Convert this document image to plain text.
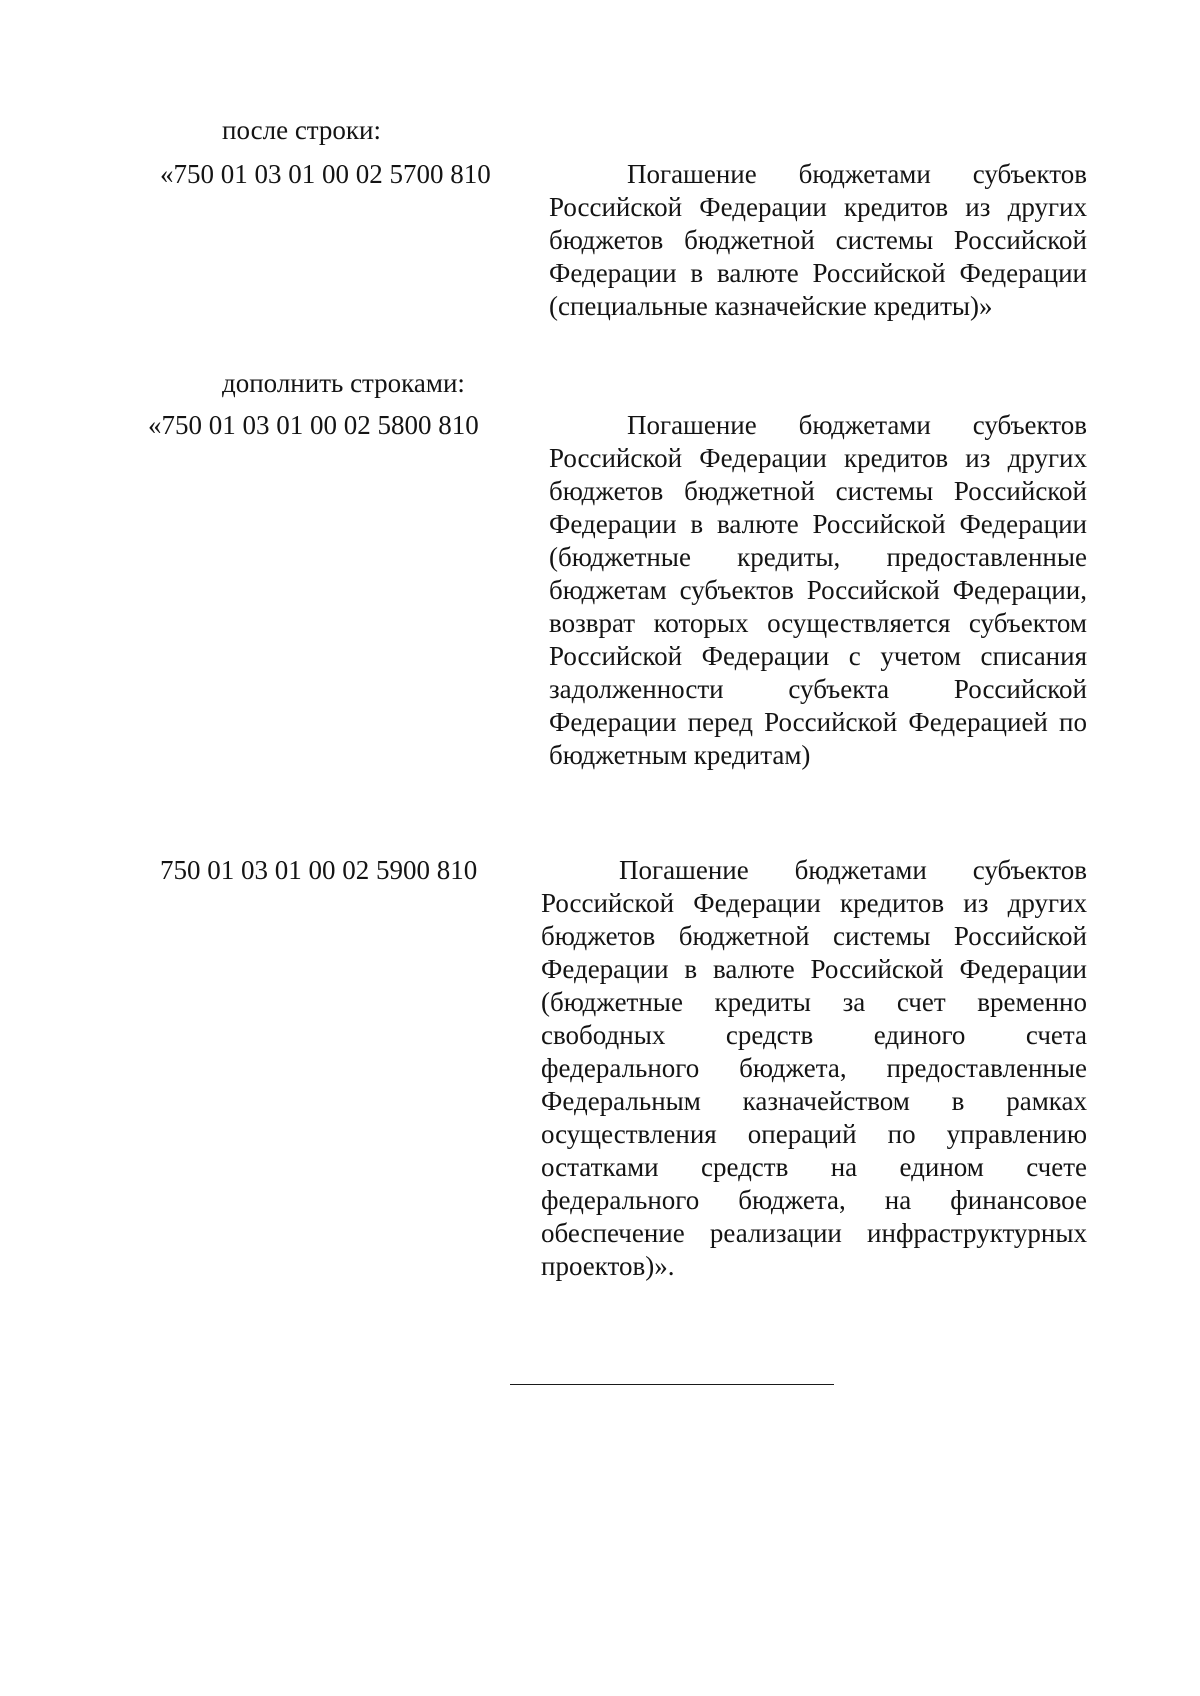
после строки:
«750 01 03 01 00 02 5700 810	Погашение бюджетами субъектов Российской Федерации кредитов из других бюджетов бюджетной системы Российской Федерации в валюте Российской Федерации (специальные казначейские кредиты)»

дополнить строками:
«750 01 03 01 00 02 5800 810	Погашение бюджетами субъектов Российской Федерации кредитов из других бюджетов бюджетной системы Российской Федерации в валюте Российской Федерации (бюджетные кредиты, предоставленные бюджетам субъектов Российской Федерации, возврат которых осуществляется субъектом Российской Федерации с учетом списания задолженности субъекта Российской Федерации перед Российской Федерацией по бюджетным кредитам)

750 01 03 01 00 02 5900 810	Погашение бюджетами субъектов Российской Федерации кредитов из других бюджетов бюджетной системы Российской Федерации в валюте Российской Федерации (бюджетные кредиты за счет временно свободных средств единого счета федерального бюджета, предоставленные Федеральным казначейством в рамках осуществления операций по управлению остатками средств на едином счете федерального бюджета, на финансовое обеспечение реализации инфраструктурных проектов)».
